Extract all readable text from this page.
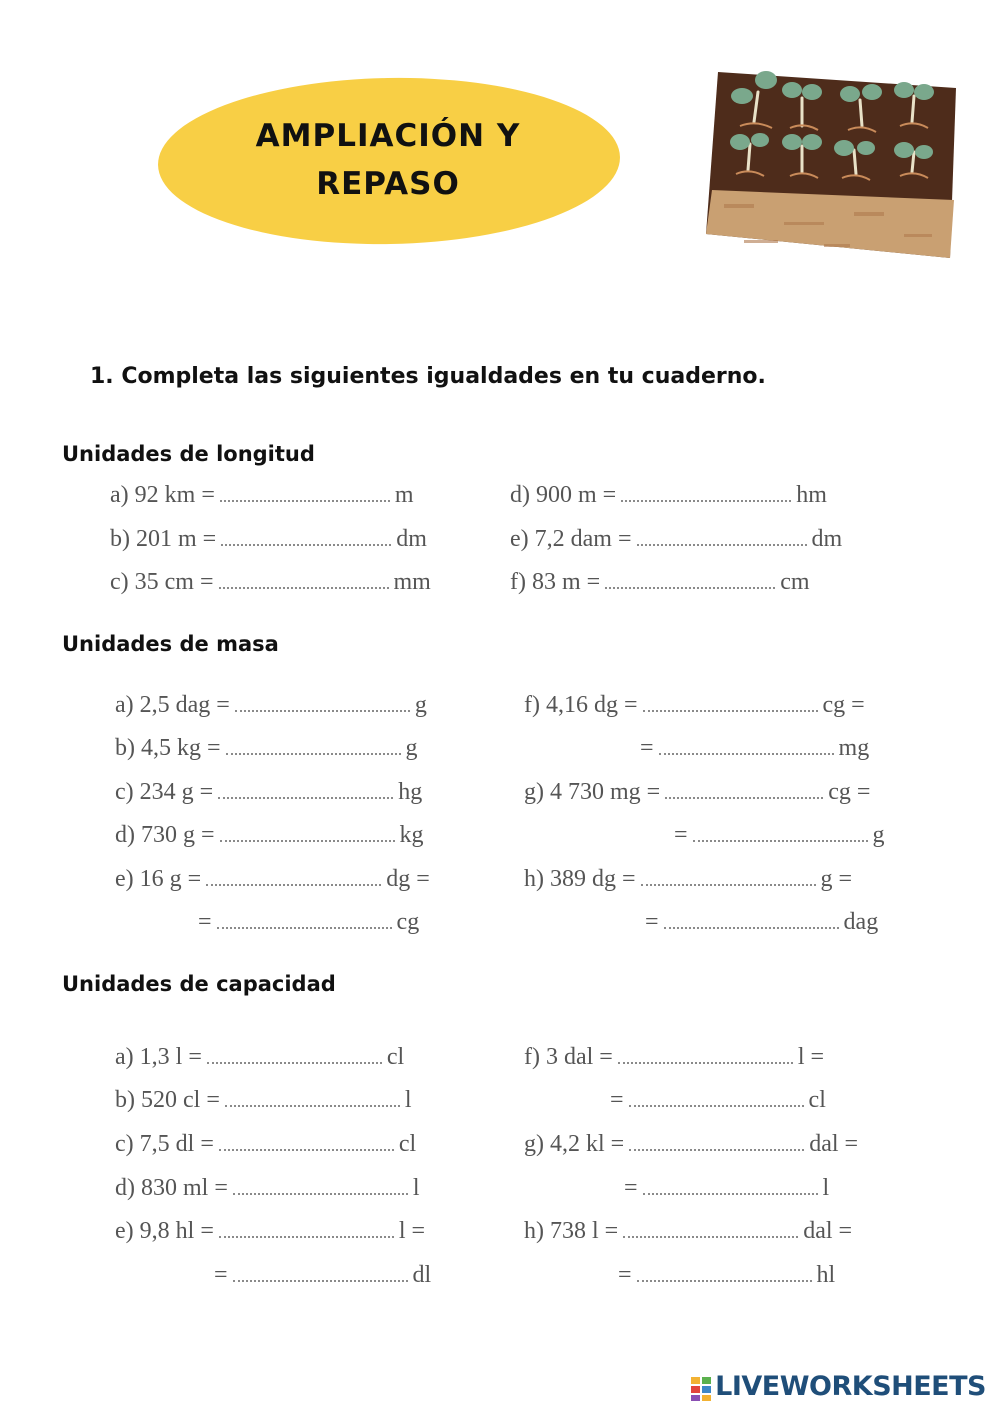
AMPLIACIÓN Y
REPASO
1. Completa las siguientes igualdades en tu cuaderno.
Unidades de longitud
a) 92 km =	m
b) 201 m =	dm
c) 35 cm =	mm
d) 900 m =	hm
e) 7,2 dam =	dm
f) 83 m =	cm
Unidades de masa
a) 2,5 dag =	g
b) 4,5 kg =	g
c) 234 g =	hg
d) 730 g =	kg
e) 16 g =	dg =
=	cg
f) 4,16 dg =	cg =
=	mg
g) 4 730 mg =	cg =
=	g
h) 389 dg =	g =
=	dag
Unidades de capacidad
a) 1,3 l =	cl
b) 520 cl =	l
c) 7,5 dl =	cl
d) 830 ml =	l
e) 9,8 hl =	l =
=	dl
f) 3 dal =	l =
=	cl
g) 4,2 kl =	dal =
=	l
h) 738 l =	dal =
=	hl
LIVEWORKSHEETS
